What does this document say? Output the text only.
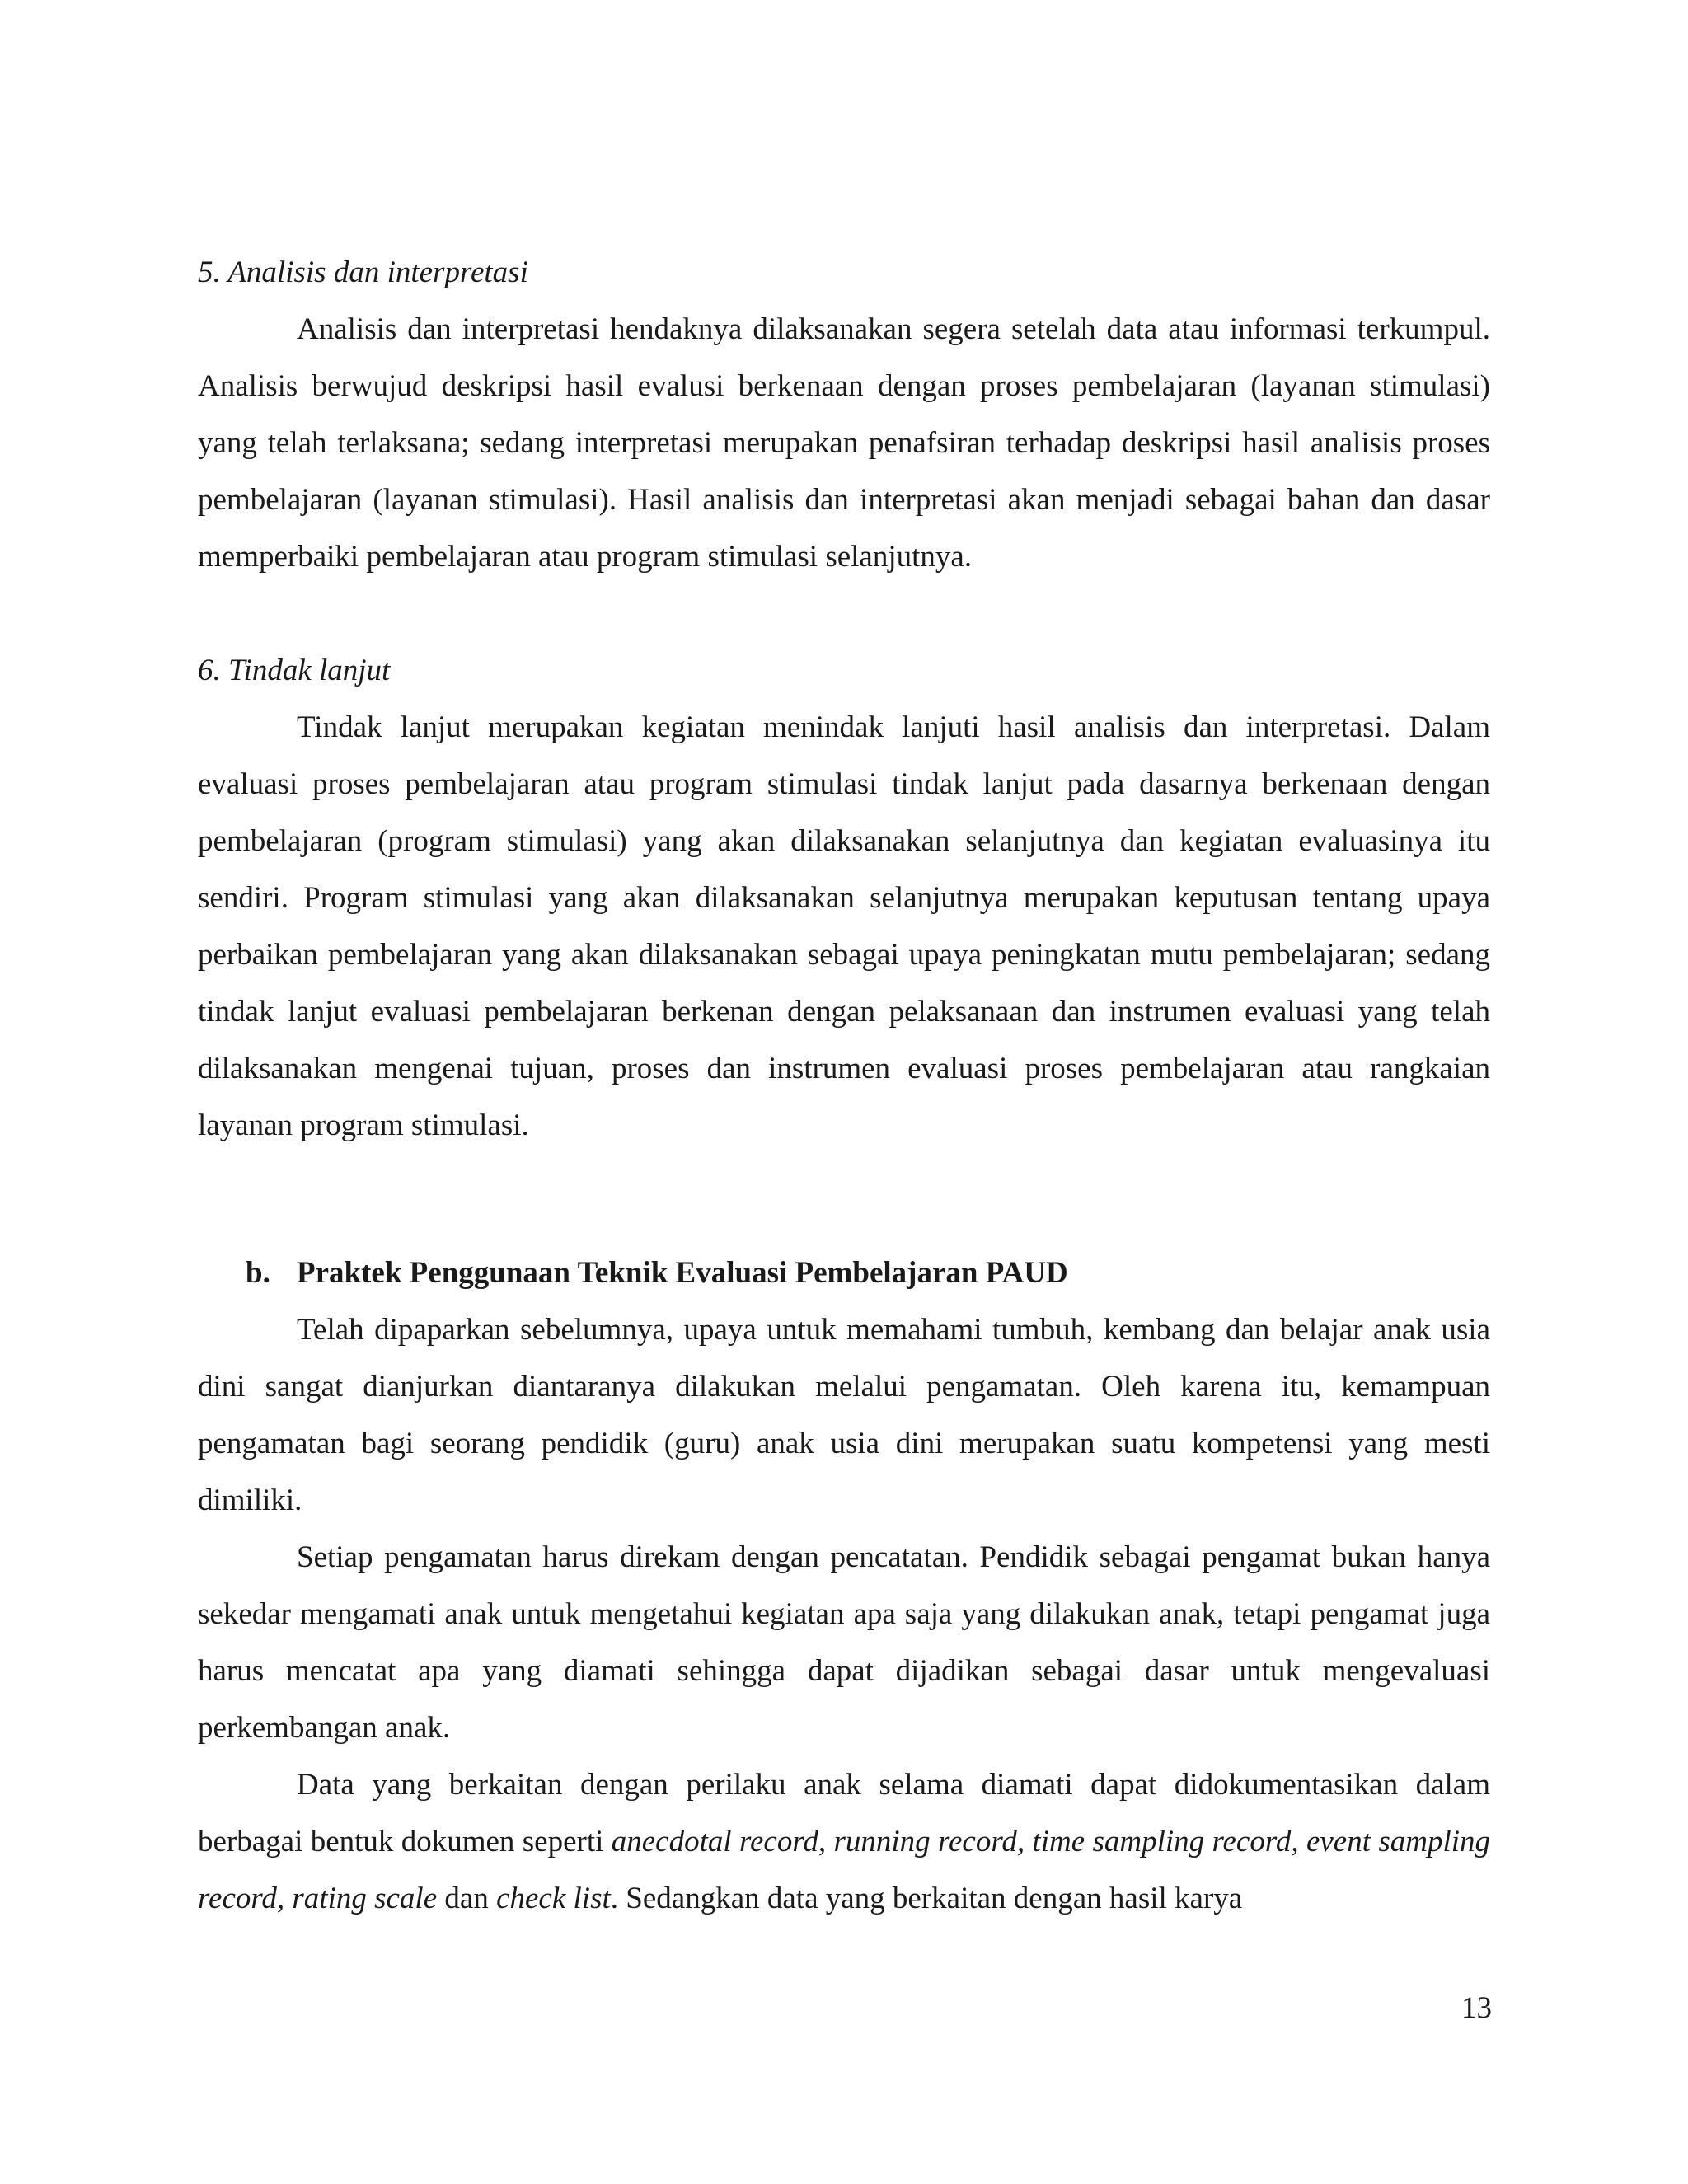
5. Analisis dan interpretasi

Analisis dan interpretasi hendaknya dilaksanakan segera setelah data atau informasi terkumpul. Analisis berwujud deskripsi hasil evalusi berkenaan dengan proses pembelajaran (layanan stimulasi) yang telah terlaksana; sedang interpretasi merupakan penafsiran terhadap deskripsi hasil analisis proses pembelajaran (layanan stimulasi). Hasil analisis dan interpretasi akan menjadi sebagai bahan dan dasar memperbaiki pembelajaran atau program stimulasi selanjutnya.

6. Tindak lanjut

Tindak lanjut merupakan kegiatan menindak lanjuti hasil analisis dan interpretasi. Dalam evaluasi proses pembelajaran atau program stimulasi tindak lanjut pada dasarnya berkenaan dengan pembelajaran (program stimulasi) yang akan dilaksanakan selanjutnya dan kegiatan evaluasinya itu sendiri. Program stimulasi yang akan dilaksanakan selanjutnya merupakan keputusan tentang upaya perbaikan pembelajaran yang akan dilaksanakan sebagai upaya peningkatan mutu pembelajaran; sedang tindak lanjut evaluasi pembelajaran berkenan dengan pelaksanaan dan instrumen evaluasi yang telah dilaksanakan mengenai tujuan, proses dan instrumen evaluasi proses pembelajaran atau rangkaian layanan program stimulasi.

b. Praktek Penggunaan Teknik Evaluasi Pembelajaran PAUD

Telah dipaparkan sebelumnya, upaya untuk memahami tumbuh, kembang dan belajar anak usia dini sangat dianjurkan diantaranya dilakukan melalui pengamatan. Oleh karena itu, kemampuan pengamatan bagi seorang pendidik (guru) anak usia dini merupakan suatu kompetensi yang mesti dimiliki.

Setiap pengamatan harus direkam dengan pencatatan. Pendidik sebagai pengamat bukan hanya sekedar mengamati anak untuk mengetahui kegiatan apa saja yang dilakukan anak, tetapi pengamat juga harus mencatat apa yang diamati sehingga dapat dijadikan sebagai dasar untuk mengevaluasi perkembangan anak.

Data yang berkaitan dengan perilaku anak selama diamati dapat didokumentasikan dalam berbagai bentuk dokumen seperti anecdotal record, running record, time sampling record, event sampling record, rating scale dan check list. Sedangkan data yang berkaitan dengan hasil karya

13
